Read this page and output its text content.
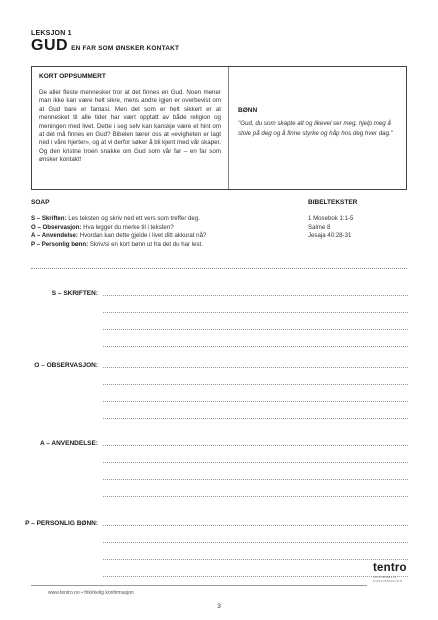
LEKSJON 1
GUD EN FAR SOM ØNSKER KONTAKT
KORT OPPSUMMERT
De aller fleste mennesker tror at det finnes en Gud. Noen mener man ikke kan være helt sikre, mens andre igjen er overbevist om at Gud bare er fantasi. Men det som er helt sikkert er at mennesket til alle tider har vært opptatt av både religion og meningen med livet. Dette i seg selv kan kanskje være et hint om at det må finnes en Gud? Bibelen lærer oss at «evigheten er lagt ned i våre hjerter», og at vi derfor søker å bli kjent med vår skaper. Og den kristne troen snakke om Gud som vår far – en far som ønsker kontakt!
BØNN
"Gud, du som skapte alt og likevel ser meg, hjelp meg å stole på deg og å finne styrke og håp hos deg hver dag."
SOAP	BIBELTEKSTER
S – Skriften: Les teksten og skriv ned ett vers som treffer deg.
O – Observasjon: Hva legger du merke til i teksten?
A – Anvendelse: Hvordan kan dette gjelde i livet ditt akkurat nå?
P – Personlig bønn: Skriv/si en kort bønn ut fra det du har lest.
1 Mosebok 1:1-5
Salme 8
Jesaja 40:28-31
S – SKRIFTEN:
O – OBSERVASJON:
A – ANVENDELSE:
P – PERSONLIG BØNN:
www.tentro.no • frikirkelig konfirmasjon
3
tentro
FRIKIRKELIG KONFIRMASJON
